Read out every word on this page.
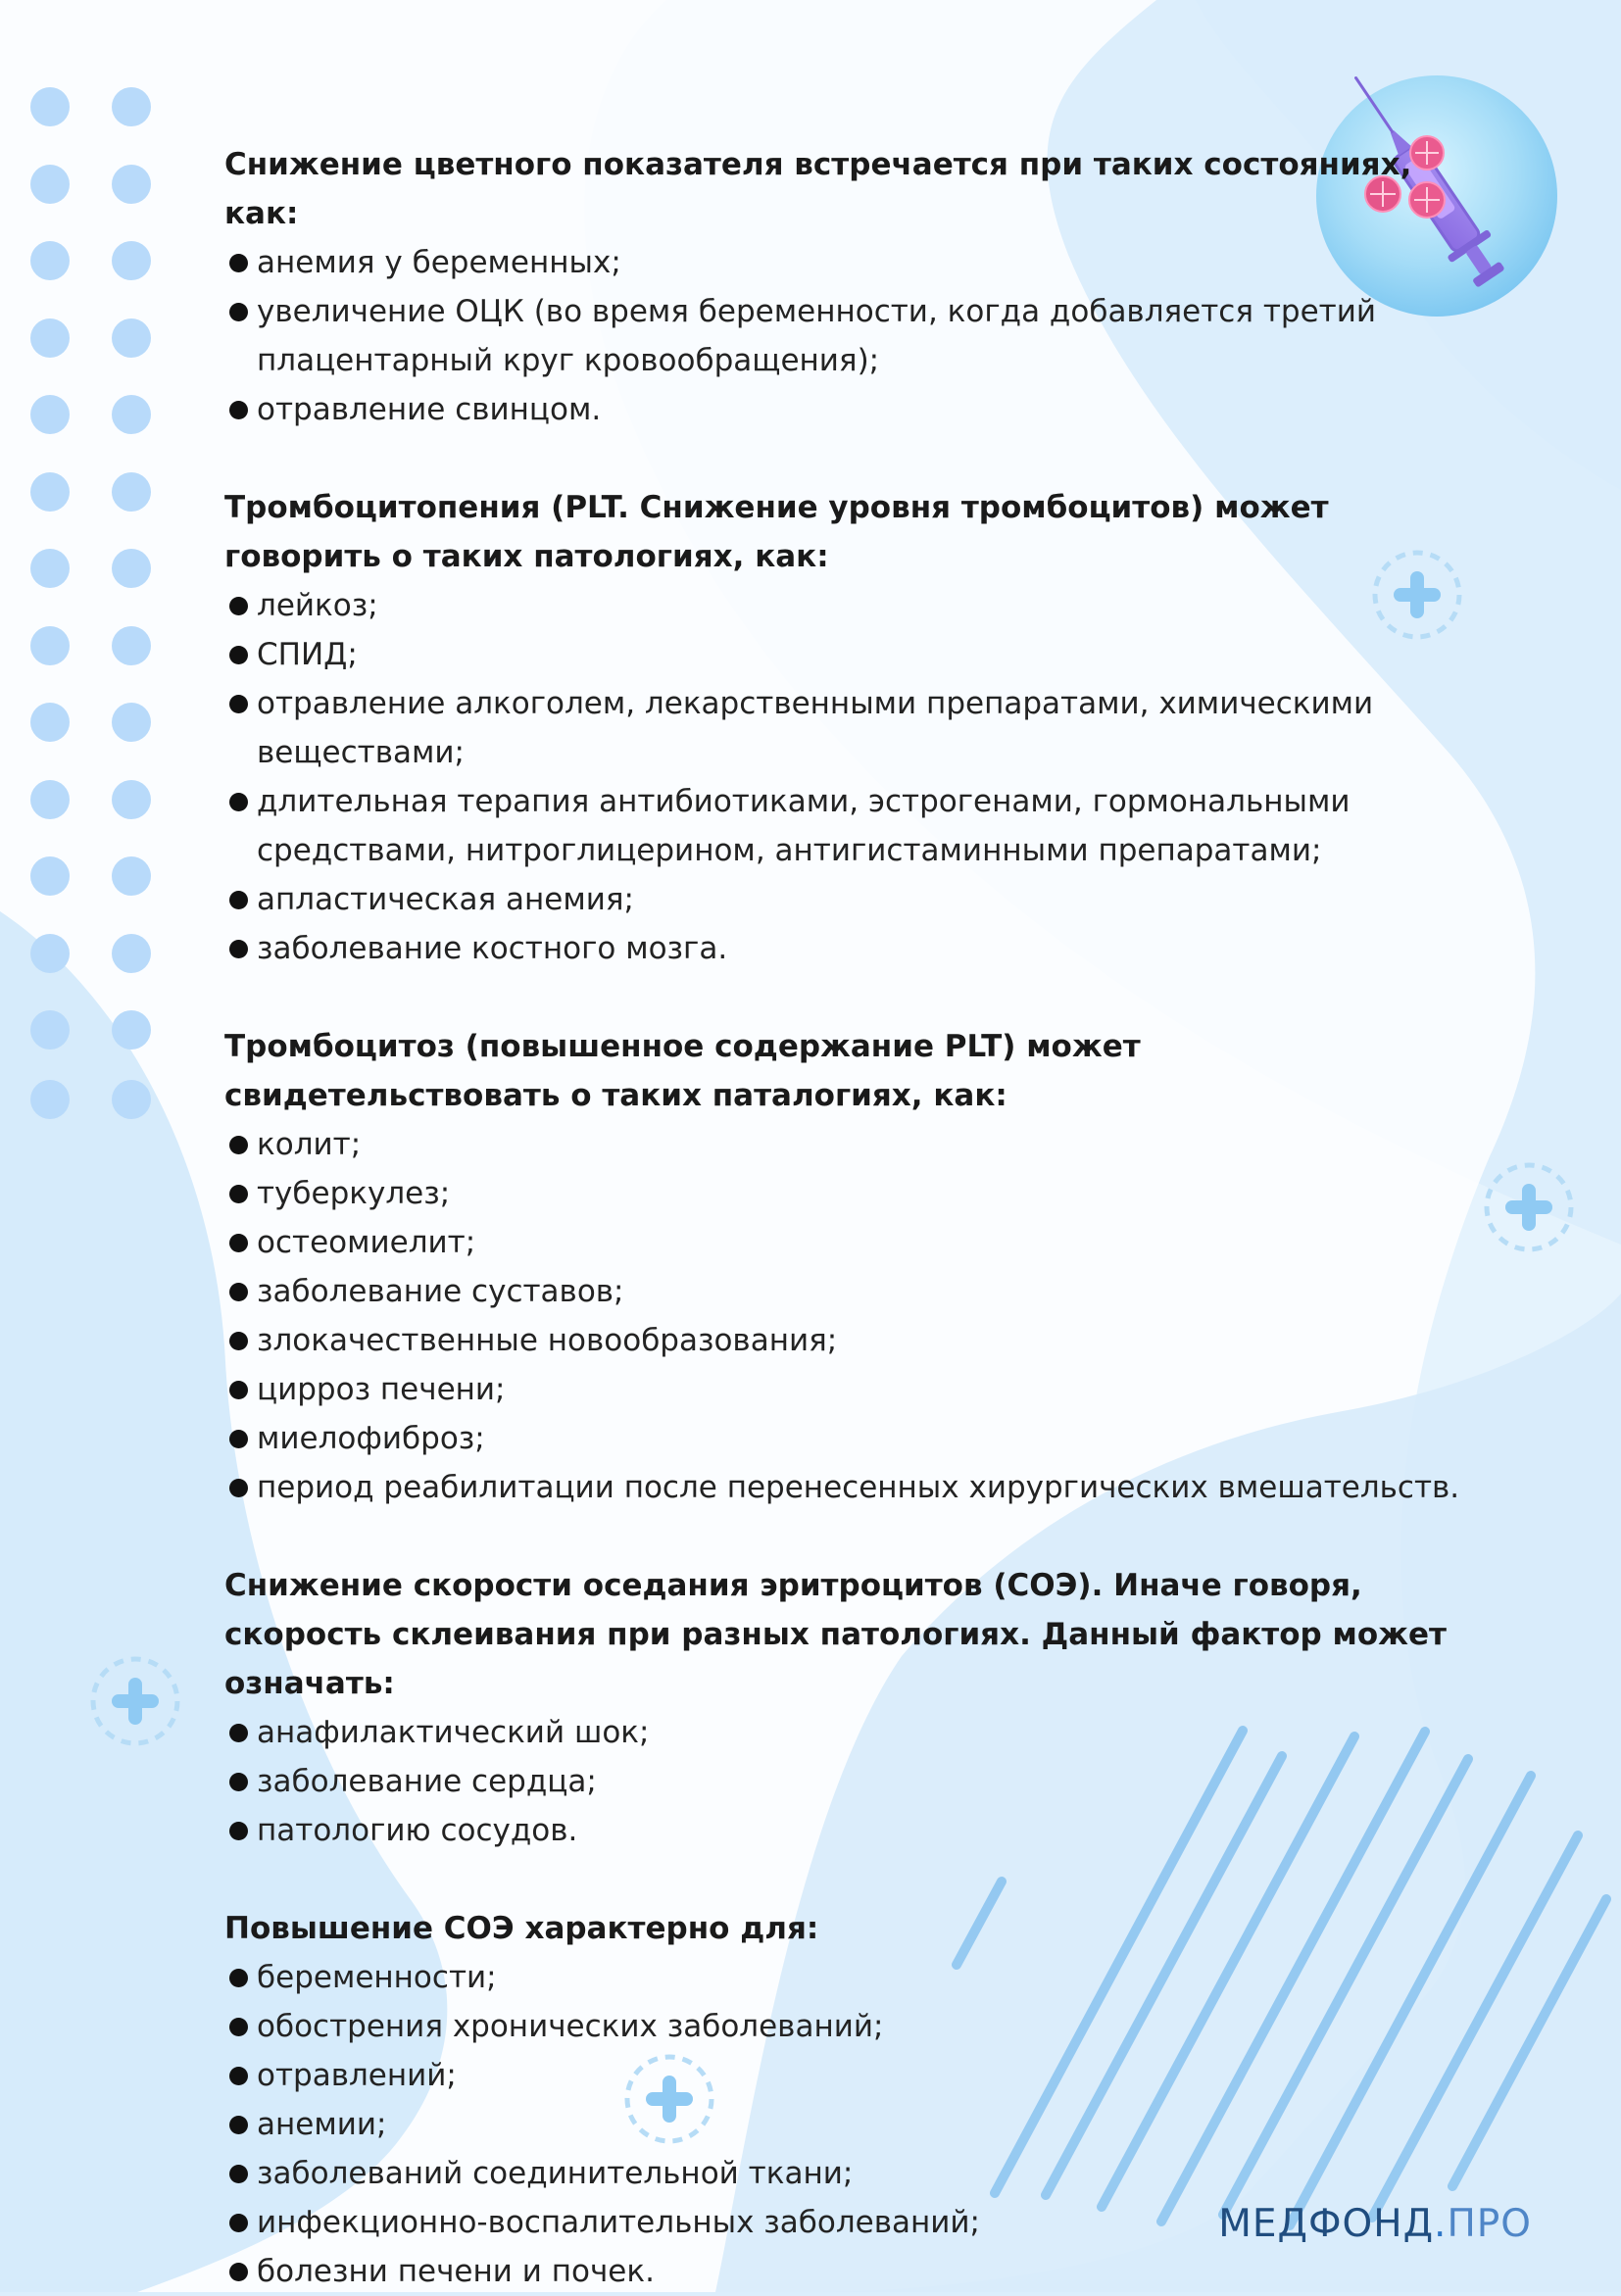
Снижение цветного показателя встречается при таких состояниях, как:
анемия у беременных;
увеличение ОЦК (во время беременности, когда добавляется третий плацентарный круг кровообращения);
отравление свинцом.
Тромбоцитопения (PLT. Снижение уровня тромбоцитов) может говорить о таких патологиях, как:
лейкоз;
СПИД;
отравление алкоголем, лекарственными препаратами, химическими веществами;
длительная терапия антибиотиками, эстрогенами, гормональными средствами, нитроглицерином, антигистаминными препаратами;
апластическая анемия;
заболевание костного мозга.
Тромбоцитоз (повышенное содержание PLT) может свидетельствовать о таких паталогиях, как:
колит;
туберкулез;
остеомиелит;
заболевание суставов;
злокачественные новообразования;
цирроз печени;
миелофиброз;
период реабилитации после перенесенных хирургических вмешательств.
Снижение скорости оседания эритроцитов (СОЭ). Иначе говоря, скорость склеивания при разных патологиях. Данный фактор может означать:
анафилактический шок;
заболевание сердца;
патологию сосудов.
Повышение СОЭ характерно для:
беременности;
обострения хронических заболеваний;
отравлений;
анемии;
заболеваний соединительной ткани;
инфекционно-воспалительных заболеваний;
болезни печени и почек.
МЕДФОНД.ПРО
